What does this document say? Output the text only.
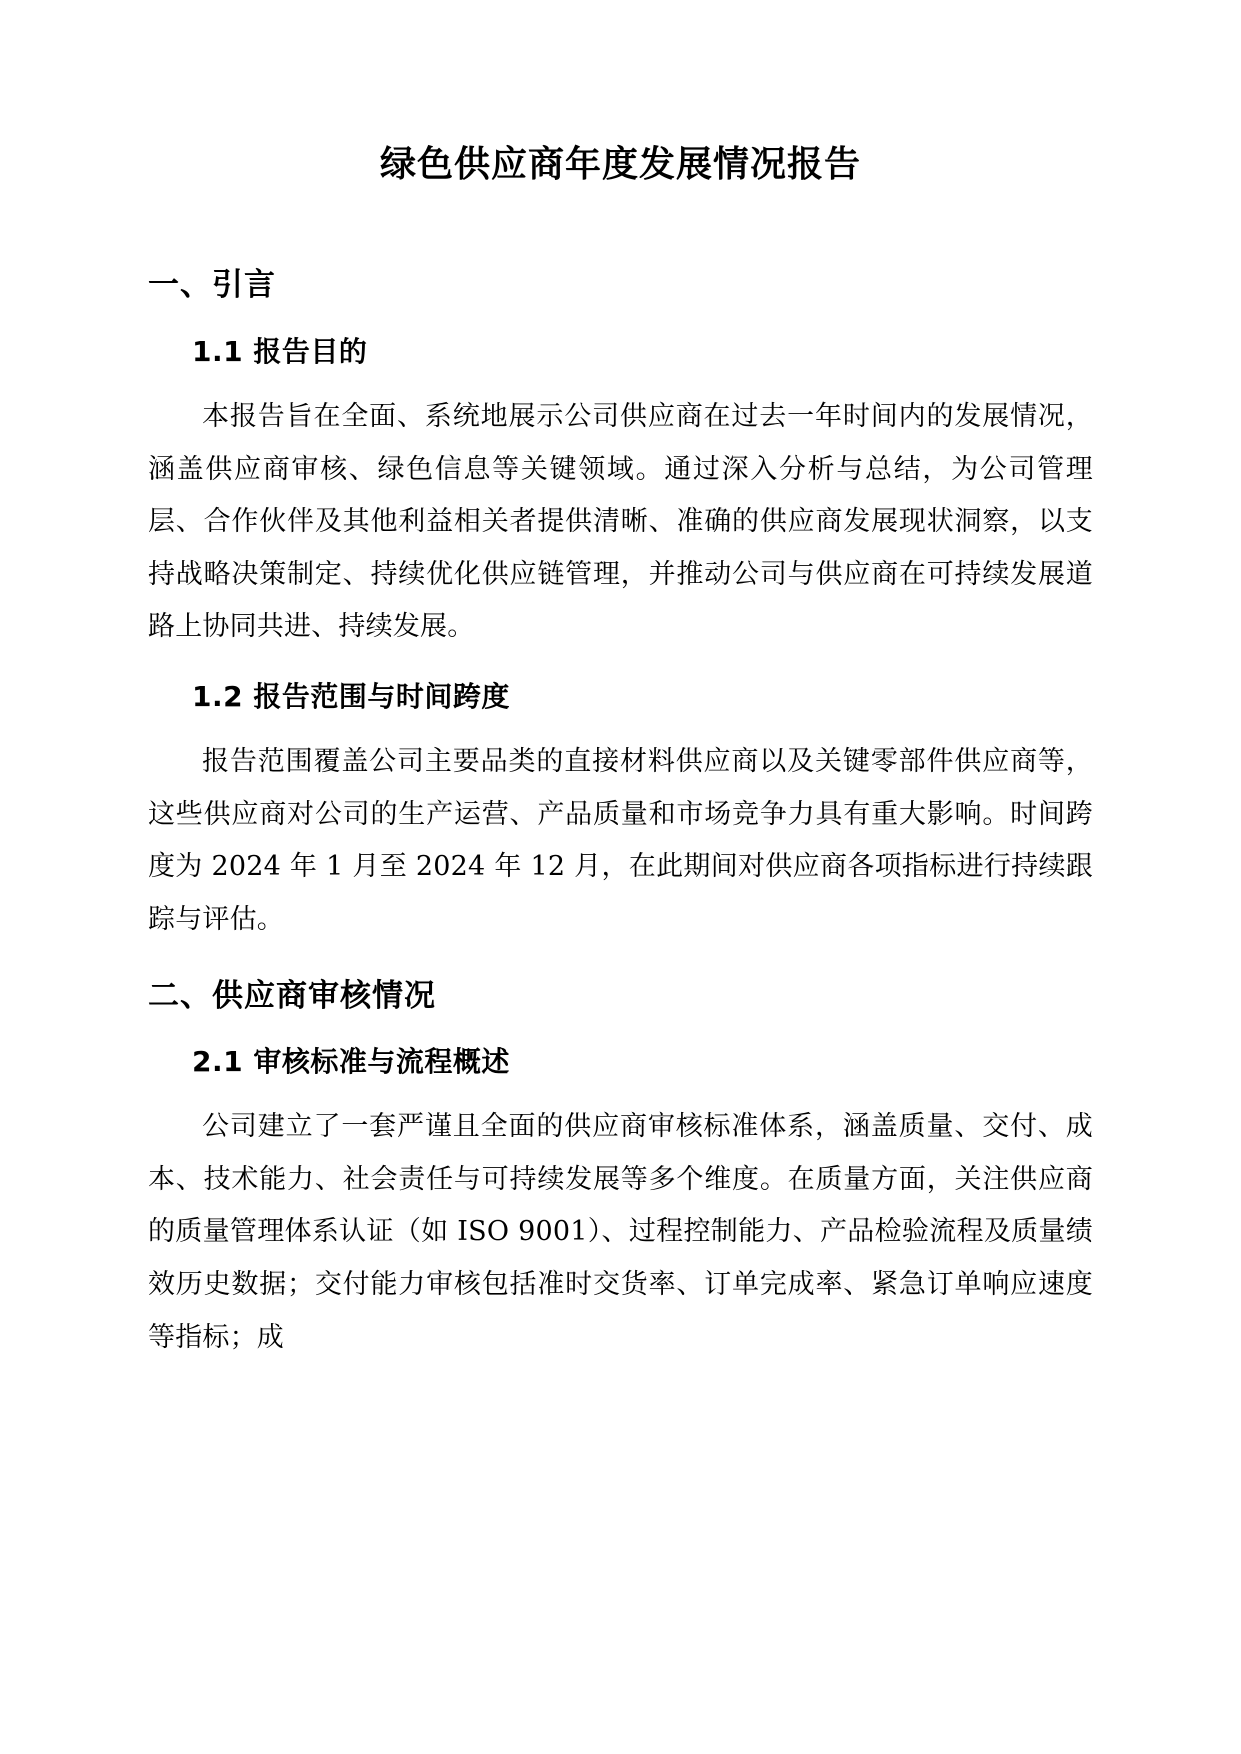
绿色供应商年度发展情况报告
一、引言
1.1 报告目的

本报告旨在全面、系统地展示公司供应商在过去一年时间内的发展情况，涵盖供应商审核、绿色信息等关键领域。通过深入分析与总结，为公司管理层、合作伙伴及其他利益相关者提供清晰、准确的供应商发展现状洞察，以支持战略决策制定、持续优化供应链管理，并推动公司与供应商在可持续发展道路上协同共进、持续发展。

1.2 报告范围与时间跨度

报告范围覆盖公司主要品类的直接材料供应商以及关键零部件供应商等，这些供应商对公司的生产运营、产品质量和市场竞争力具有重大影响。时间跨度为 2024 年 1 月至 2024 年 12 月，在此期间对供应商各项指标进行持续跟踪与评估。

二、供应商审核情况
2.1 审核标准与流程概述

公司建立了一套严谨且全面的供应商审核标准体系，涵盖质量、交付、成本、技术能力、社会责任与可持续发展等多个维度。在质量方面，关注供应商的质量管理体系认证（如 ISO 9001）、过程控制能力、产品检验流程及质量绩效历史数据；交付能力审核包括准时交货率、订单完成率、紧急订单响应速度等指标；成
